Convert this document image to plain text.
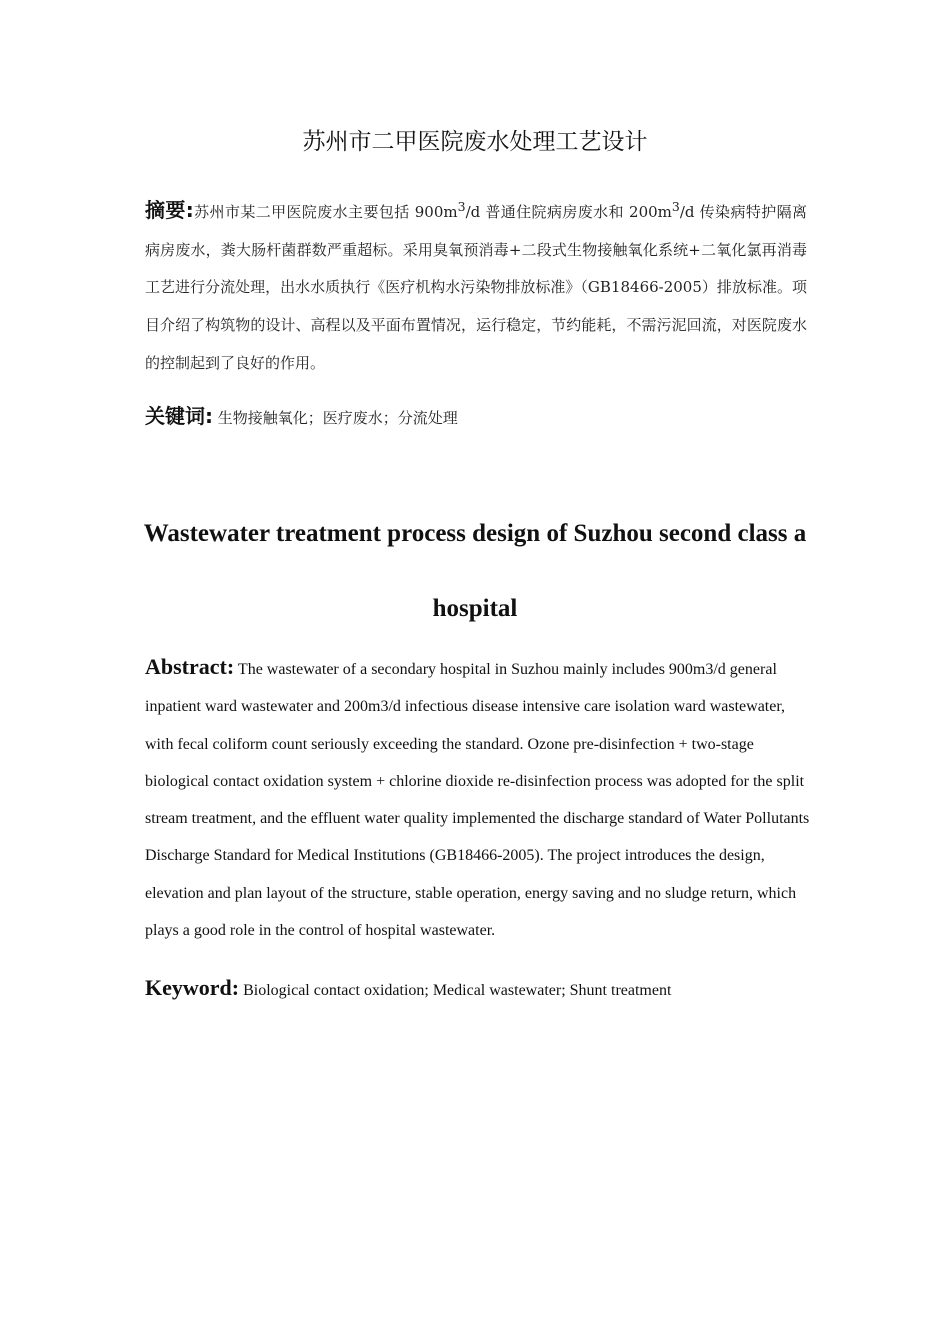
苏州市二甲医院废水处理工艺设计
摘要:苏州市某二甲医院废水主要包括 $900m^3/d$ 普通住院病房废水和 $200m^3/d$ 传染病特护隔离病房废水，粪大肠杆菌群数严重超标。采用臭氧预消毒+二段式生物接触氧化系统+二氧化氯再消毒工艺进行分流处理，出水水质执行《医疗机构水污染物排放标准》（GB18466-2005）排放标准。项目介绍了构筑物的设计、高程以及平面布置情况，运行稳定，节约能耗，不需污泥回流，对医院废水的控制起到了良好的作用。
关键词: 生物接触氧化；医疗废水；分流处理
Wastewater treatment process design of Suzhou second class a hospital
Abstract: The wastewater of a secondary hospital in Suzhou mainly includes 900m3/d general inpatient ward wastewater and 200m3/d infectious disease intensive care isolation ward wastewater, with fecal coliform count seriously exceeding the standard. Ozone pre-disinfection + two-stage biological contact oxidation system + chlorine dioxide re-disinfection process was adopted for the split stream treatment, and the effluent water quality implemented the discharge standard of Water Pollutants Discharge Standard for Medical Institutions (GB18466-2005). The project introduces the design, elevation and plan layout of the structure, stable operation, energy saving and no sludge return, which plays a good role in the control of hospital wastewater.
Keyword: Biological contact oxidation; Medical wastewater; Shunt treatment
